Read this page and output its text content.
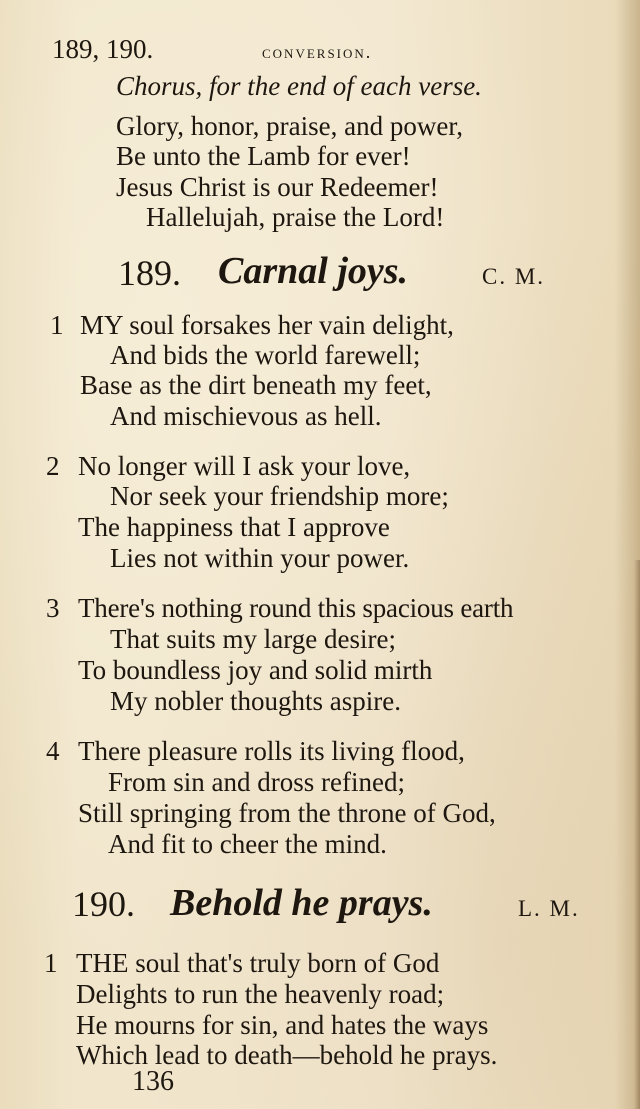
189, 190.	conversion.
Chorus, for the end of each verse.
Glory, honor, praise, and power,
Be unto the Lamb for ever!
Jesus Christ is our Redeemer!
Hallelujah, praise the Lord!
189. Carnal joys.	C. M.
1 MY soul forsakes her vain delight,
And bids the world farewell;
Base as the dirt beneath my feet,
And mischievous as hell.
2 No longer will I ask your love,
Nor seek your friendship more;
The happiness that I approve
Lies not within your power.
3 There's nothing round this spacious earth
That suits my large desire;
To boundless joy and solid mirth
My nobler thoughts aspire.
4 There pleasure rolls its living flood,
From sin and dross refined;
Still springing from the throne of God,
And fit to cheer the mind.
190. Behold he prays.	L. M.
1 THE soul that's truly born of God
Delights to run the heavenly road;
He mourns for sin, and hates the ways
Which lead to death—behold he prays.
136
